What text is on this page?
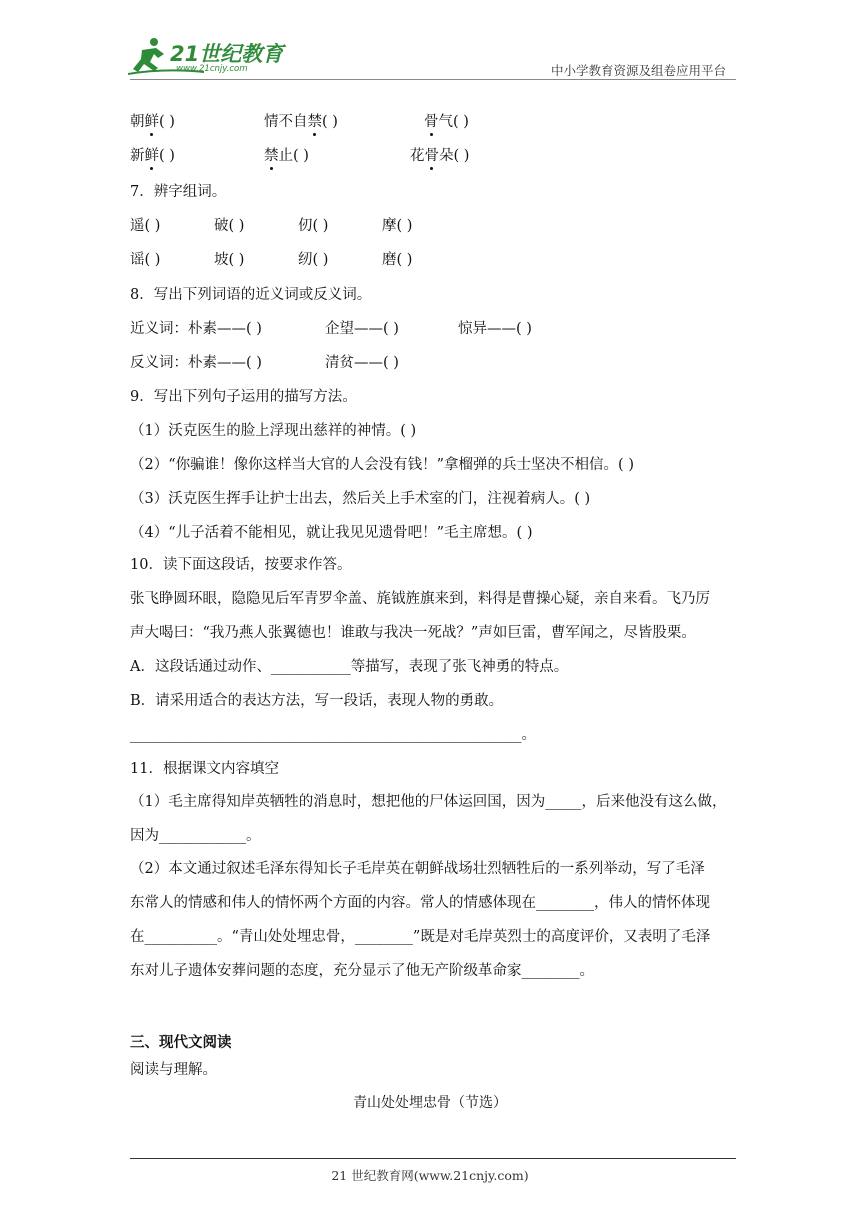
21世纪教育
www.21cnjy.com	中小学教育资源及组卷应用平台
朝鲜( )	情不自禁( )	骨气( )
新鲜( )	禁止( )	花骨朵( )
7．辨字组词。
遥( )	破( )	仞( )	摩( )
谣( )	坡( )	纫( )	磨( )
8．写出下列词语的近义词或反义词。
近义词：朴素——( )	企望——( )	惊异——( )
反义词：朴素——( )	清贫——( )
9．写出下列句子运用的描写方法。
（1）沃克医生的脸上浮现出慈祥的神情。( )
（2）“你骗谁！像你这样当大官的人会没有钱！”拿榴弹的兵士坚决不相信。( )
（3）沃克医生挥手让护士出去，然后关上手术室的门，注视着病人。( )
（4）“儿子活着不能相见，就让我见见遗骨吧！”毛主席想。( )
10．读下面这段话，按要求作答。
张飞睁圆环眼，隐隐见后军青罗伞盖、旄钺旌旗来到，料得是曹操心疑，亲自来看。飞乃厉
声大喝曰：“我乃燕人张翼德也！谁敢与我决一死战？”声如巨雷，曹军闻之，尽皆股栗。
A．这段话通过动作、___________等描写，表现了张飞神勇的特点。
B．请采用适合的表达方法，写一段话，表现人物的勇敢。
______________________________________________________。
11．根据课文内容填空
（1）毛主席得知岸英牺牲的消息时，想把他的尸体运回国，因为_____，后来他没有这么做，
因为____________。
（2）本文通过叙述毛泽东得知长子毛岸英在朝鲜战场壮烈牺牲后的一系列举动，写了毛泽
东常人的情感和伟人的情怀两个方面的内容。常人的情感体现在________，伟人的情怀体现
在__________。“青山处处埋忠骨，________”既是对毛岸英烈士的高度评价，又表明了毛泽
东对儿子遗体安葬问题的态度，充分显示了他无产阶级革命家________。
三、现代文阅读
阅读与理解。
青山处处埋忠骨（节选）
21 世纪教育网(www.21cnjy.com)
